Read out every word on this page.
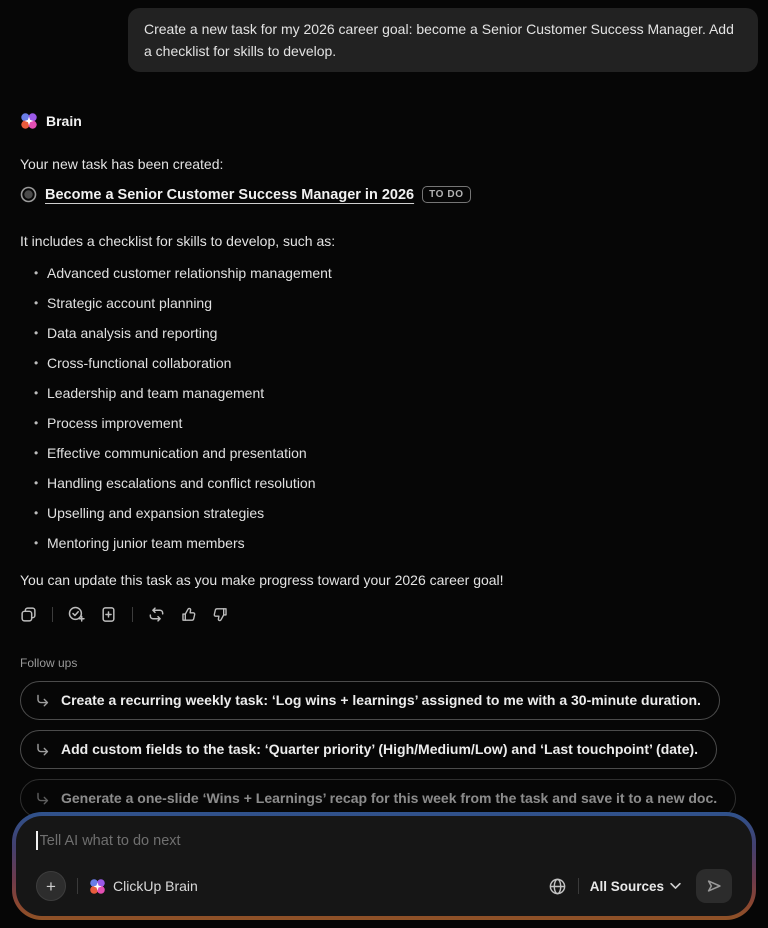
Create a new task for my 2026 career goal: become a Senior Customer Success Manager. Add a checklist for skills to develop.
Brain
Your new task has been created:
Become a Senior Customer Success Manager in 2026	TO DO
It includes a checklist for skills to develop, such as:
• Advanced customer relationship management
• Strategic account planning
• Data analysis and reporting
• Cross-functional collaboration
• Leadership and team management
• Process improvement
• Effective communication and presentation
• Handling escalations and conflict resolution
• Upselling and expansion strategies
• Mentoring junior team members
You can update this task as you make progress toward your 2026 career goal!
Follow ups
Create a recurring weekly task: ‘Log wins + learnings’ assigned to me with a 30-minute duration.
Add custom fields to the task: ‘Quarter priority’ (High/Medium/Low) and ‘Last touchpoint’ (date).
Generate a one-slide ‘Wins + Learnings’ recap for this week from the task and save it to a new doc.
Tell AI what to do next
+	ClickUp Brain	All Sources
